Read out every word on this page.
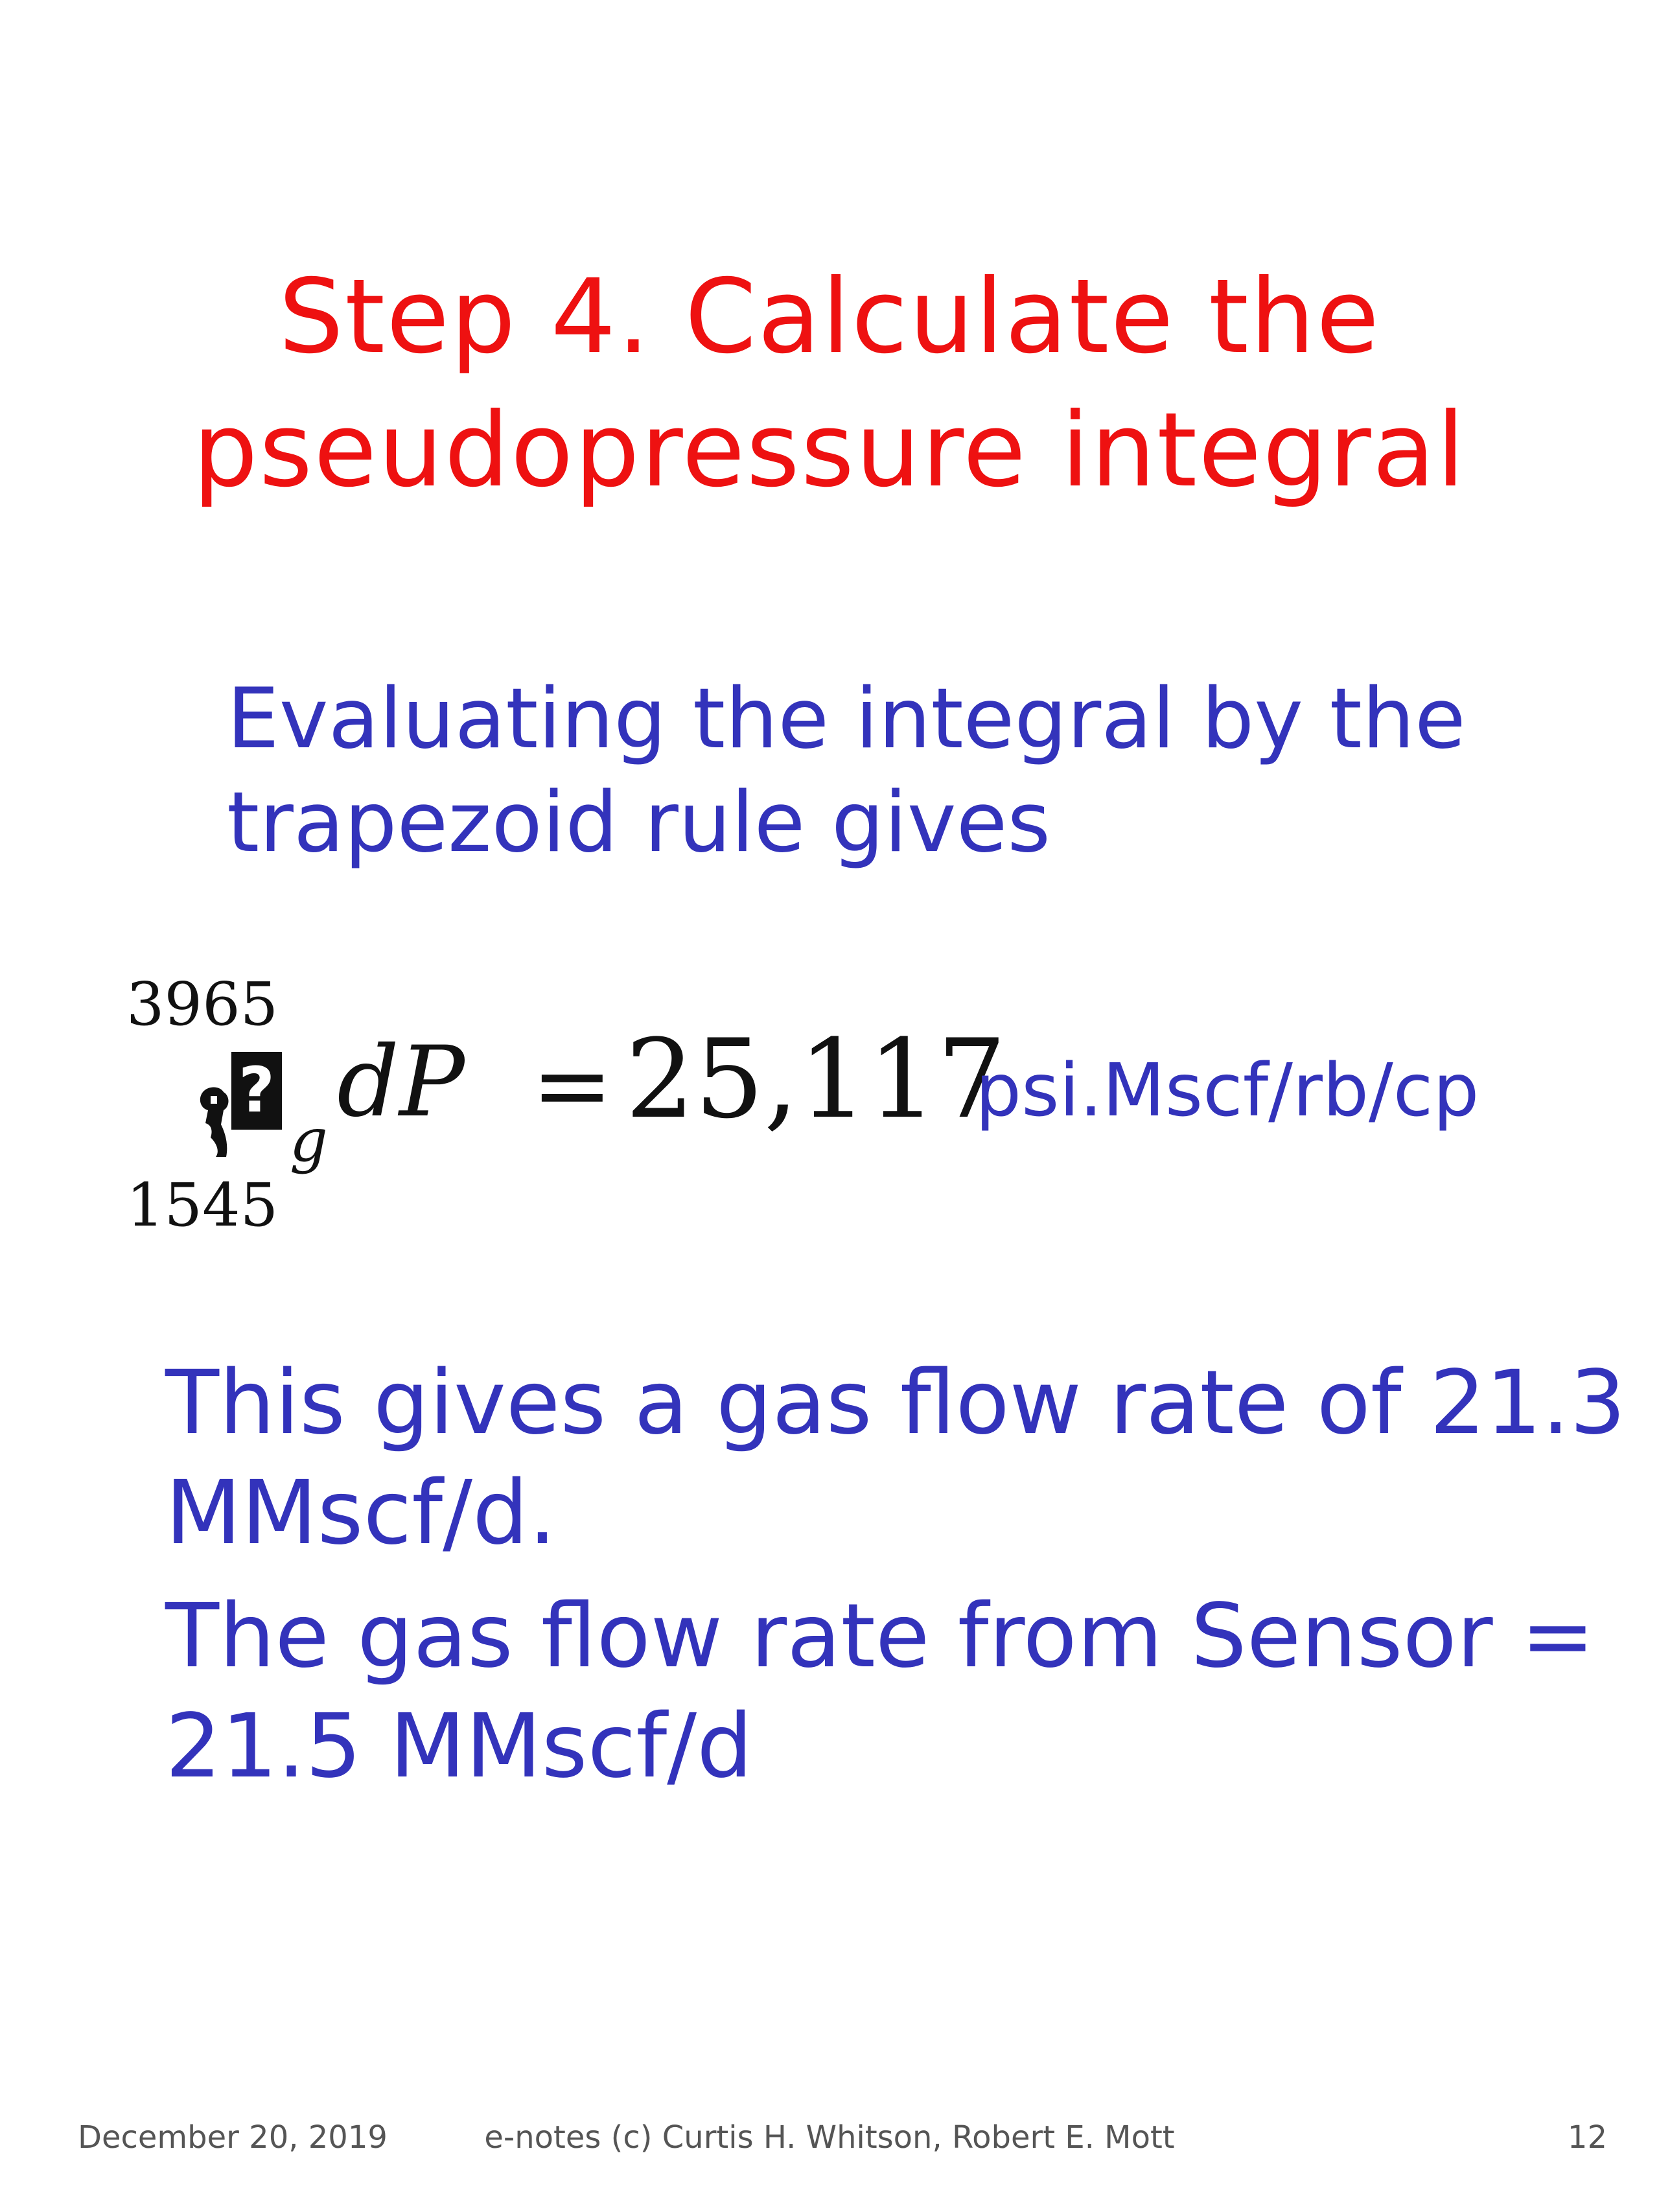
Step 4. Calculate the
pseudopressure integral

Evaluating the integral by the
trapezoid rule gives

3965
?
g
dP = 25,117
psi.Mscf/rb/cp
1545

This gives a gas flow rate of 21.3
MMscf/d.

The gas flow rate from Sensor =
21.5 MMscf/d

December 20, 2019	e-notes (c) Curtis H. Whitson, Robert E. Mott	12
